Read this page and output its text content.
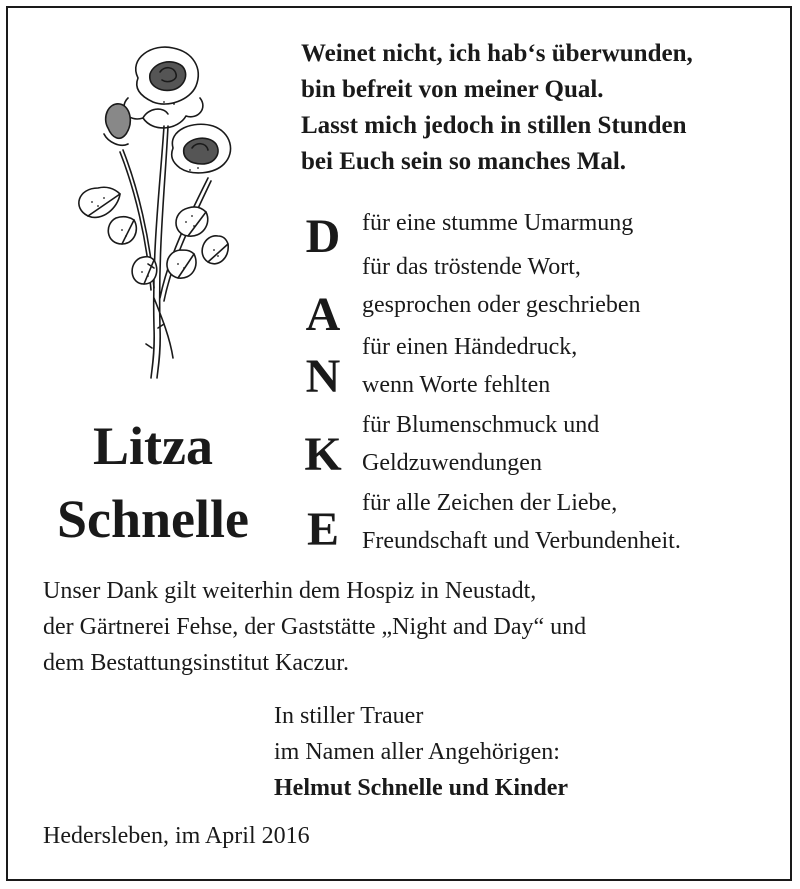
Weinet nicht, ich hab‘s überwunden,
bin befreit von meiner Qual.
Lasst mich jedoch in stillen Stunden
bei Euch sein so manches Mal.
Litza
Schnelle
D
A
N
K
E
für eine stumme Umarmung
für das tröstende Wort,
gesprochen oder geschrieben
für einen Händedruck,
wenn Worte fehlten
für Blumenschmuck und
Geldzuwendungen
für alle Zeichen der Liebe,
Freundschaft und Verbundenheit.
Unser Dank gilt weiterhin dem Hospiz in Neustadt,
der Gärtnerei Fehse, der Gaststätte „Night and Day“ und
dem Bestattungsinstitut Kaczur.
In stiller Trauer
im Namen aller Angehörigen:
Helmut Schnelle und Kinder
Hedersleben, im April 2016
